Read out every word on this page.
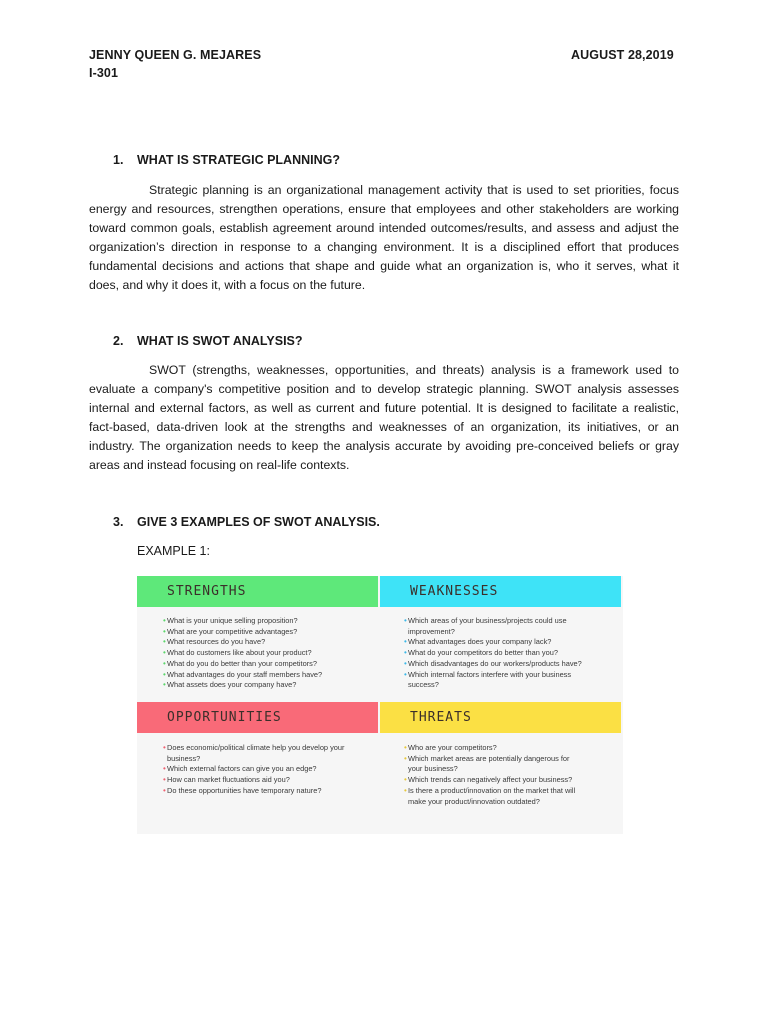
JENNY QUEEN G. MEJARES
I-301
AUGUST 28,2019
1. WHAT IS STRATEGIC PLANNING?

Strategic planning is an organizational management activity that is used to set priorities, focus energy and resources, strengthen operations, ensure that employees and other stakeholders are working toward common goals, establish agreement around intended outcomes/results, and assess and adjust the organization’s direction in response to a changing environment. It is a disciplined effort that produces fundamental decisions and actions that shape and guide what an organization is, who it serves, what it does, and why it does it, with a focus on the future.

2. WHAT IS SWOT ANALYSIS?

SWOT (strengths, weaknesses, opportunities, and threats) analysis is a framework used to evaluate a company's competitive position and to develop strategic planning. SWOT analysis assesses internal and external factors, as well as current and future potential. It is designed to facilitate a realistic, fact-based, data-driven look at the strengths and weaknesses of an organization, its initiatives, or an industry. The organization needs to keep the analysis accurate by avoiding pre-conceived beliefs or gray areas and instead focusing on real-life contexts.

3. GIVE 3 EXAMPLES OF SWOT ANALYSIS.
EXAMPLE 1:
STRENGTHS
• What is your unique selling proposition?
• What are your competitive advantages?
• What resources do you have?
• What do customers like about your product?
• What do you do better than your competitors?
• What advantages do your staff members have?
• What assets does your company have?
WEAKNESSES
• Which areas of your business/projects could use improvement?
• What advantages does your company lack?
• What do your competitors do better than you?
• Which disadvantages do our workers/products have?
• Which internal factors interfere with your business success?
OPPORTUNITIES
• Does economic/political climate help you develop your business?
• Which external factors can give you an edge?
• How can market fluctuations aid you?
• Do these opportunities have temporary nature?
THREATS
• Who are your competitors?
• Which market areas are potentially dangerous for your business?
• Which trends can negatively affect your business?
• Is there a product/innovation on the market that will make your product/innovation outdated?
